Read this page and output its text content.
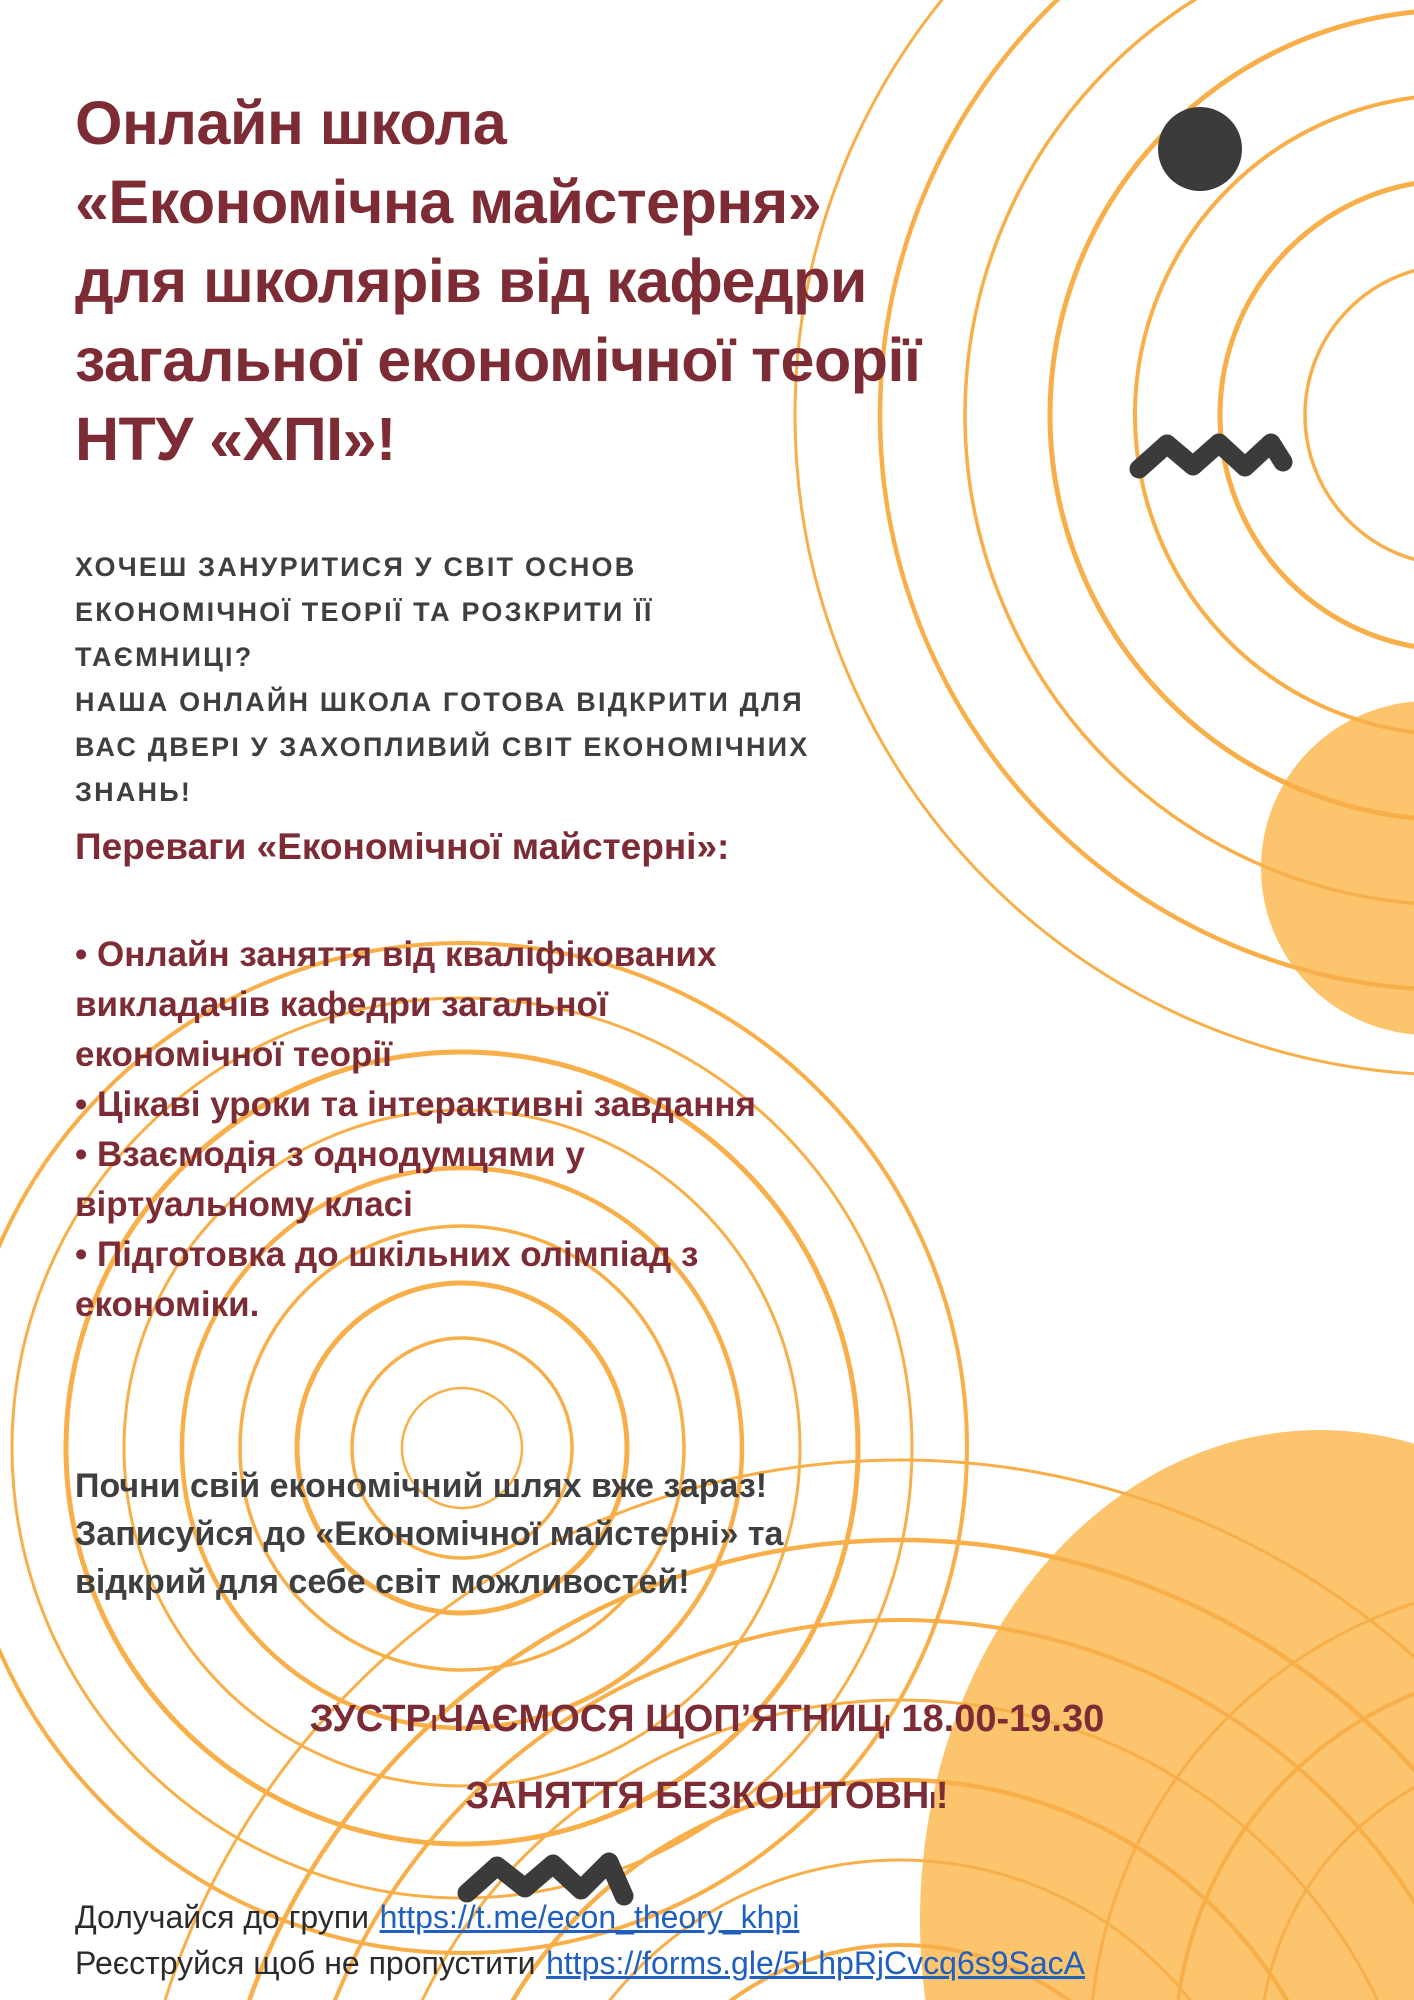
Онлайн школа
«Економічна майстерня»
для школярів від кафедри
загальної економічної теорії
НТУ «ХПІ»!
ХОЧЕШ ЗАНУРИТИСЯ У СВІТ ОСНОВ
ЕКОНОМІЧНОЇ ТЕОРІЇ ТА РОЗКРИТИ ЇЇ
ТАЄМНИЦІ?
НАША ОНЛАЙН ШКОЛА ГОТОВА ВІДКРИТИ ДЛЯ
ВАС ДВЕРІ У ЗАХОПЛИВИЙ СВІТ ЕКОНОМІЧНИХ
ЗНАНЬ!
Переваги «Економічної майстерні»:
• Онлайн заняття від кваліфікованих
викладачів кафедри загальної
економічної теорії
• Цікаві уроки та інтерактивні завдання
• Взаємодія з однодумцями у
віртуальному класі
• Підготовка до шкільних олімпіад з
економіки.
Почни свій економічний шлях вже зараз!
Записуйся до «Економічної майстерні» та
відкрий для себе світ можливостей!
ЗУСТРІЧАЄМОСЯ ЩОП’ЯТНИЦІ 18.00-19.30
ЗАНЯТТЯ БЕЗКОШТОВНІ!
Долучайся до групи https://t.me/econ_theory_khpi
Реєструйся щоб не пропустити https://forms.gle/5LhpRjCvcq6s9SacA
